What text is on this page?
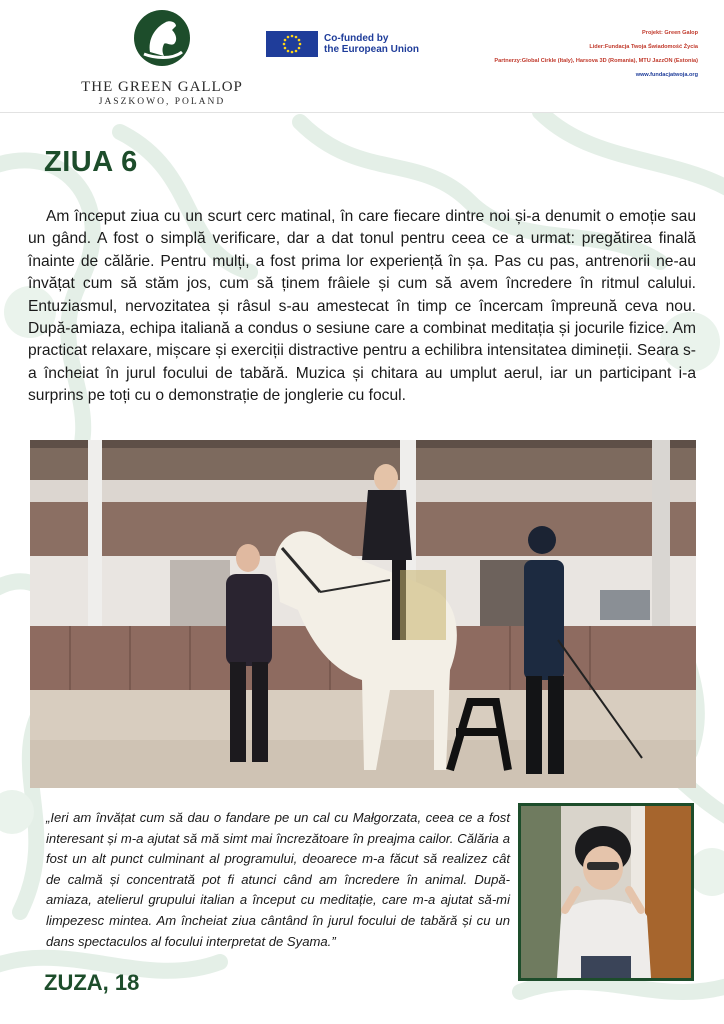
THE GREEN GALLOP
JASZKOWO, POLAND
Co-funded by
the European Union
Projekt: Green Galop
Lider:Fundacja Twoja Świadomość Życia
Partnerzy:Global Cirkle (Italy), Harsova 3D (Romania), MTU JazzON (Estonia)
www.fundacjatwoja.org
ZIUA 6

Am început ziua cu un scurt cerc matinal, în care fiecare dintre noi și-a denumit o emoție sau un gând. A fost o simplă verificare, dar a dat tonul pentru ceea ce a urmat: pregătirea finală înainte de călărie. Pentru mulți, a fost prima lor experiență în șa. Pas cu pas, antrenorii ne-au învățat cum să stăm jos, cum să ținem frâiele și cum să avem încredere în ritmul calului. Entuziasmul, nervozitatea și râsul s-au amestecat în timp ce încercam împreună ceva nou. După-amiaza, echipa italiană a condus o sesiune care a combinat meditația și jocurile fizice. Am practicat relaxare, mișcare și exerciții distractive pentru a echilibra intensitatea dimineții. Seara s-a încheiat în jurul focului de tabără. Muzica și chitara au umplut aerul, iar un participant i-a surprins pe toți cu o demonstrație de jonglerie cu focul.

„Ieri am învățat cum să dau o fandare pe un cal cu Małgorzata, ceea ce a fost interesant și m-a ajutat să mă simt mai încrezătoare în preajma cailor. Călăria a fost un alt punct culminant al programului, deoarece m-a făcut să realizez cât de calmă și concentrată pot fi atunci când am încredere în animal. După-amiaza, atelierul grupului italian a început cu meditație, care m-a ajutat să-mi limpezesc mintea. Am încheiat ziua cântând în jurul focului de tabără și cu un dans spectaculos al focului interpretat de Syama.”

ZUZA, 18
